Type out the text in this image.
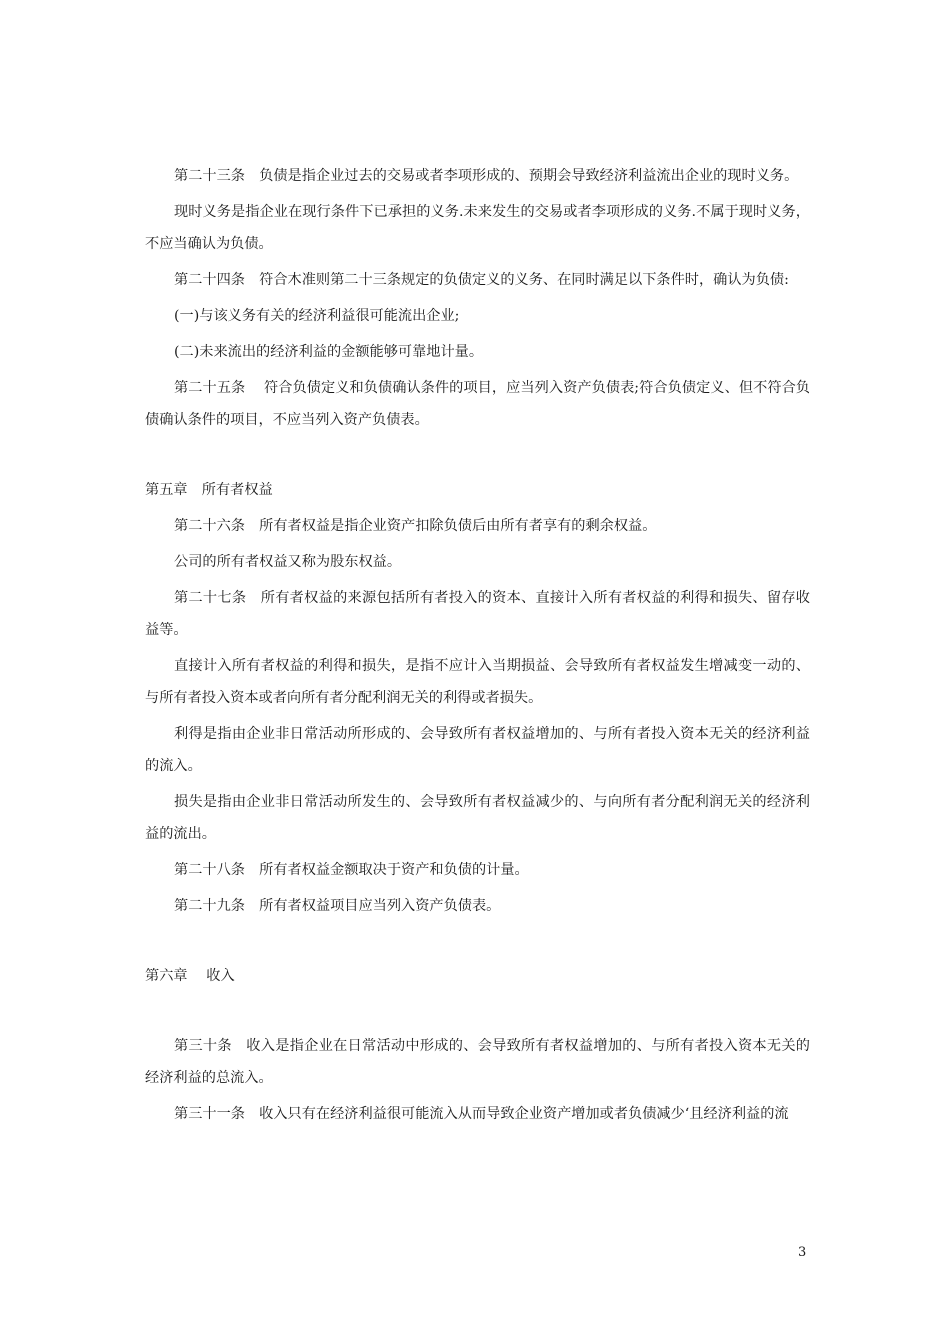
第二十三条　负债是指企业过去的交易或者李项形成的、预期会导致经济利益流出企业的现时义务。

现时义务是指企业在现行条件下已承担的义务.未来发生的交易或者李项形成的义务.不属于现时义务，不应当确认为负债。

第二十四条　符合木准则第二十三条规定的负债定义的义务、在同时满足以下条件时，确认为负债:

(一)与该义务有关的经济利益很可能流出企业;

(二)未来流出的经济利益的金额能够可靠地计量。

第二十五条　 符合负债定义和负债确认条件的项目，应当列入资产负债表;符合负债定义、但不符合负债确认条件的项目，不应当列入资产负债表。

第五章　所有者权益

第二十六条　所有者权益是指企业资产扣除负债后由所有者享有的剩余权益。

公司的所有者权益又称为股东权益。

第二十七条　所有者权益的来源包括所有者投入的资本、直接计入所有者权益的利得和损失、留存收益等。

直接计入所有者权益的利得和损失，是指不应计入当期损益、会导致所有者权益发生增减变一动的、与所有者投入资本或者向所有者分配利润无关的利得或者损失。

利得是指由企业非日常活动所形成的、会导致所有者权益增加的、与所有者投入资本无关的经济利益的流入。

损失是指由企业非日常活动所发生的、会导致所有者权益减少的、与向所有者分配利润无关的经济利益的流出。

第二十八条　所有者权益金额取决于资产和负债的计量。

第二十九条　所有者权益项目应当列入资产负债表。

第六章　 收入

第三十条　收入是指企业在日常活动中形成的、会导致所有者权益增加的、与所有者投入资本无关的经济利益的总流入。

第三十一条　收入只有在经济利益很可能流入从而导致企业资产增加或者负债减少‘且经济利益的流

3
